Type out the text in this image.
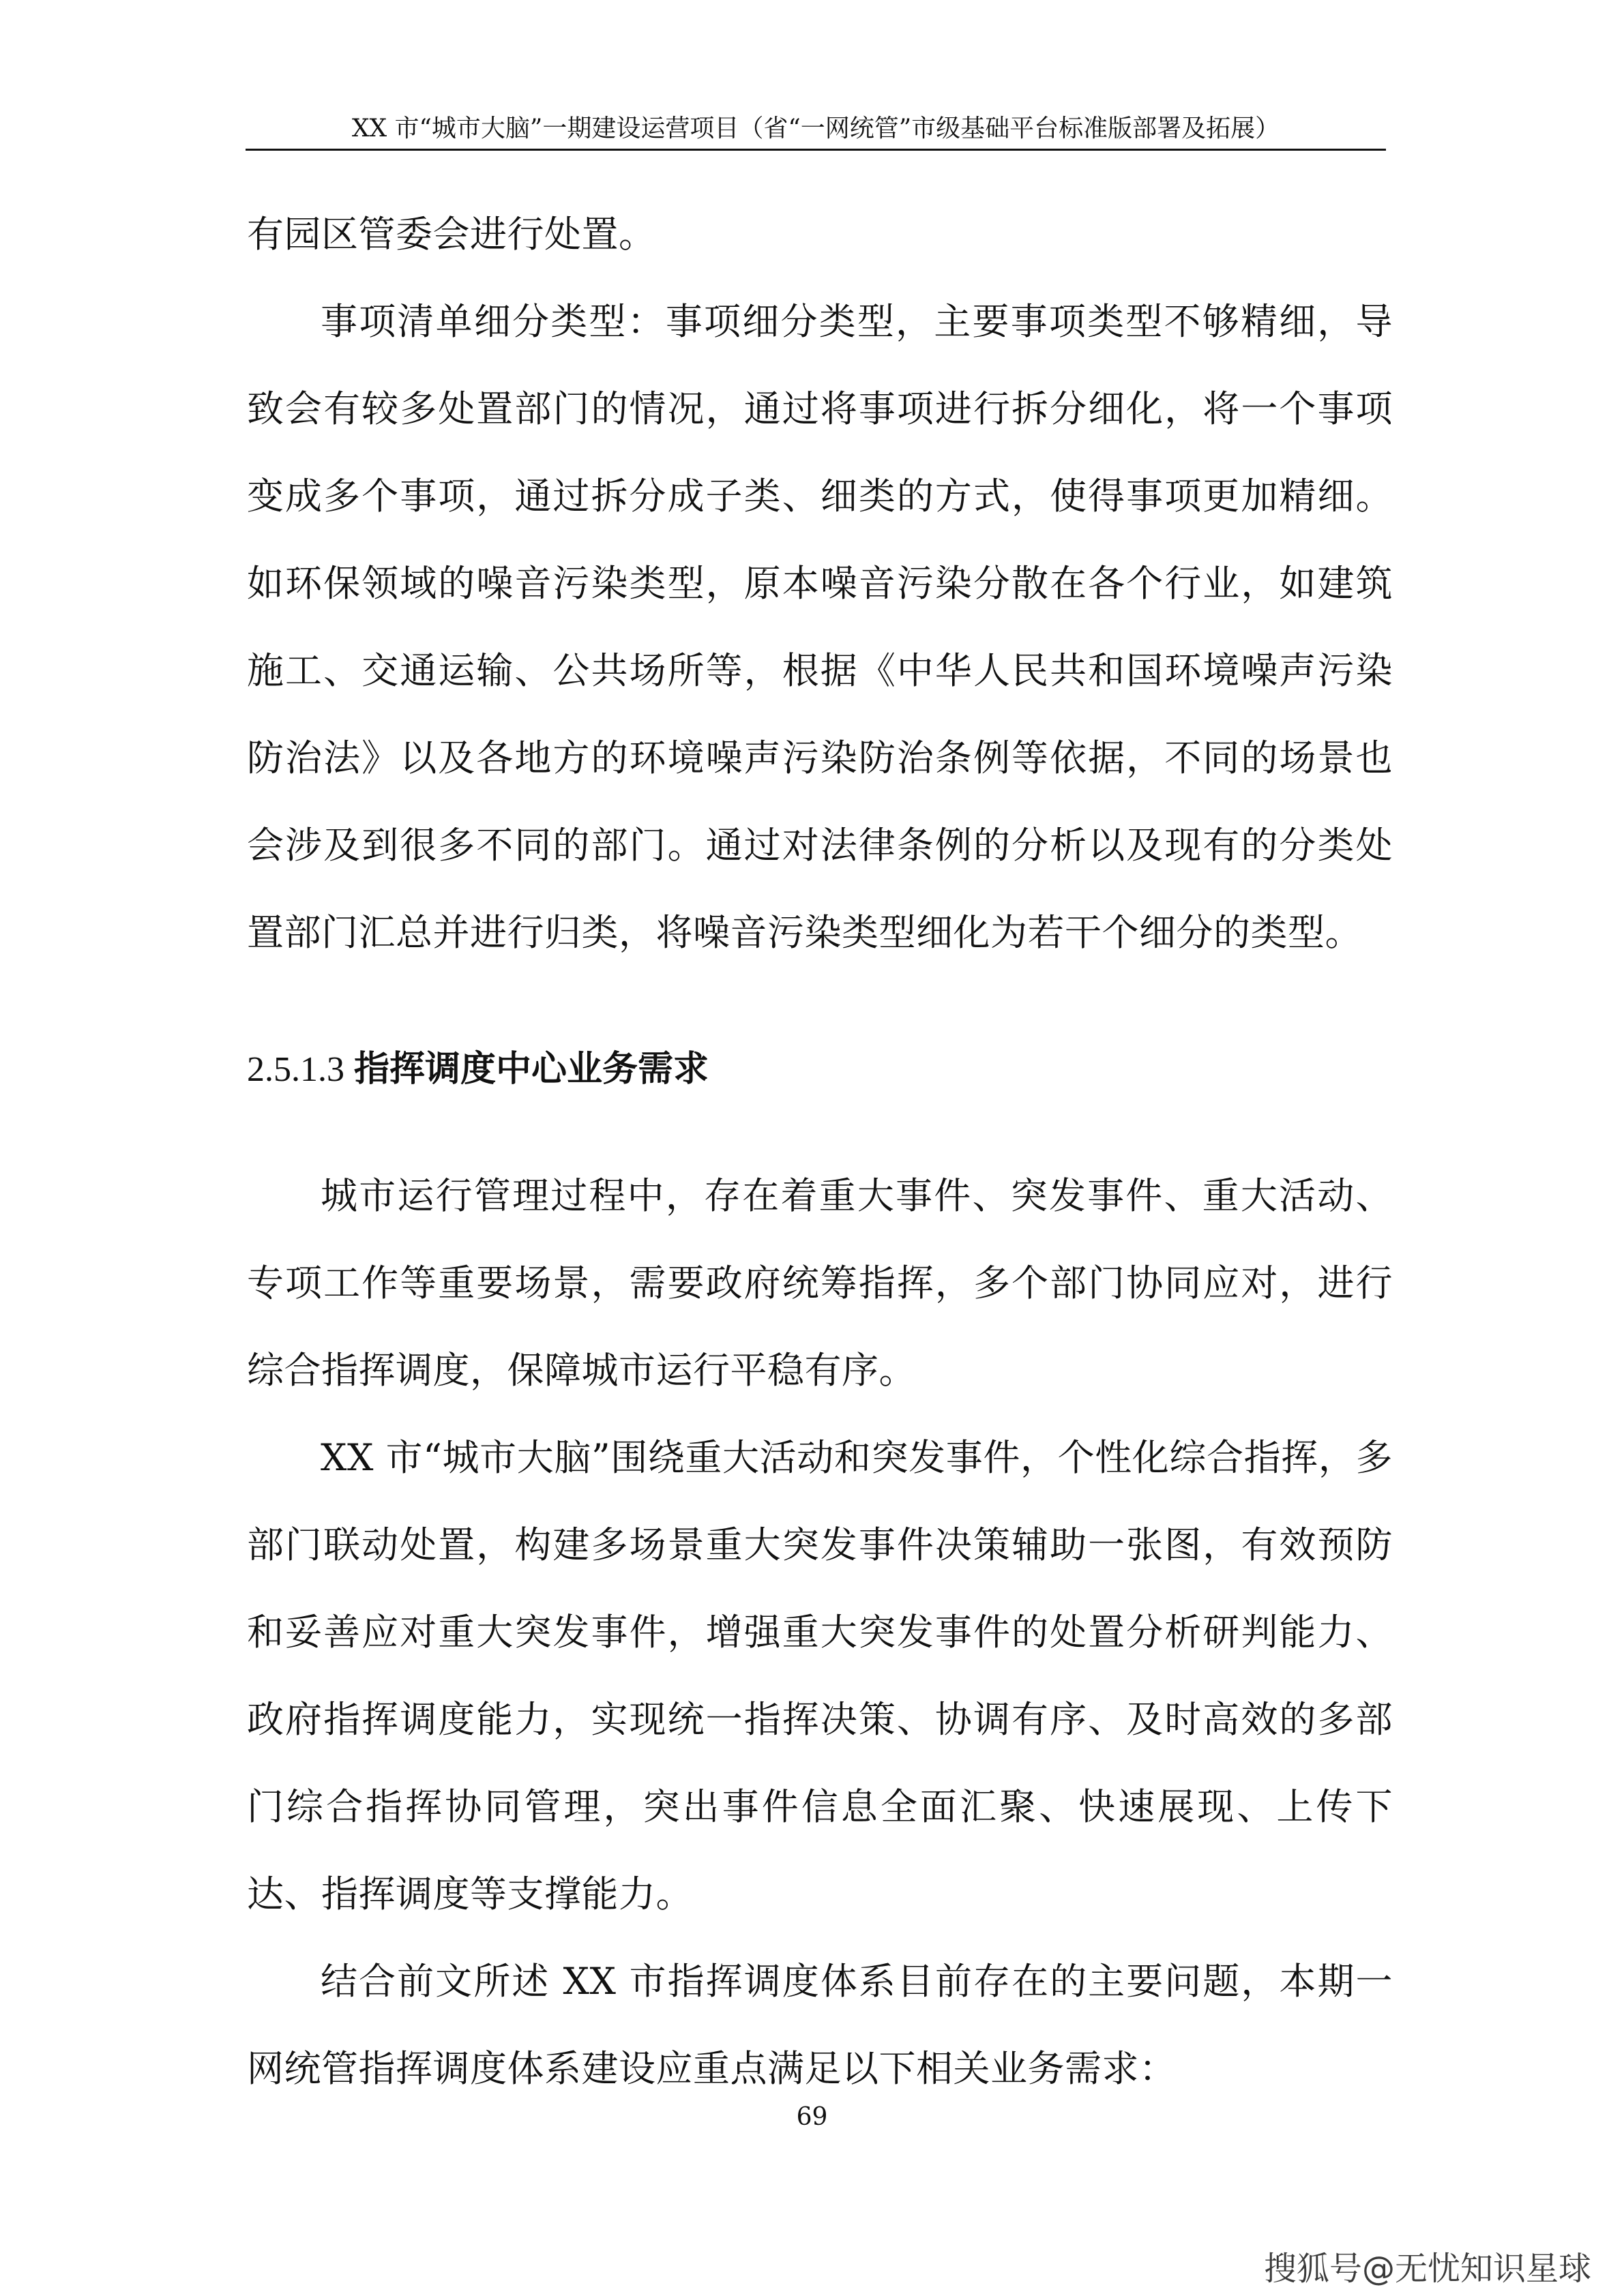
XX 市“城市大脑”一期建设运营项目（省“一网统管”市级基础平台标准版部署及拓展）

有园区管委会进行处置。

事项清单细分类型：事项细分类型，主要事项类型不够精细，导致会有较多处置部门的情况，通过将事项进行拆分细化，将一个事项变成多个事项，通过拆分成子类、细类的方式，使得事项更加精细。如环保领域的噪音污染类型，原本噪音污染分散在各个行业，如建筑施工、交通运输、公共场所等，根据《中华人民共和国环境噪声污染防治法》以及各地方的环境噪声污染防治条例等依据，不同的场景也会涉及到很多不同的部门。通过对法律条例的分析以及现有的分类处置部门汇总并进行归类，将噪音污染类型细化为若干个细分的类型。

2.5.1.3 指挥调度中心业务需求

城市运行管理过程中，存在着重大事件、突发事件、重大活动、专项工作等重要场景，需要政府统筹指挥，多个部门协同应对，进行综合指挥调度，保障城市运行平稳有序。

XX 市“城市大脑”围绕重大活动和突发事件，个性化综合指挥，多部门联动处置，构建多场景重大突发事件决策辅助一张图，有效预防和妥善应对重大突发事件，增强重大突发事件的处置分析研判能力、政府指挥调度能力，实现统一指挥决策、协调有序、及时高效的多部门综合指挥协同管理，突出事件信息全面汇聚、快速展现、上传下达、指挥调度等支撑能力。

结合前文所述 XX 市指挥调度体系目前存在的主要问题，本期一网统管指挥调度体系建设应重点满足以下相关业务需求：

69
搜狐号@无忧知识星球
